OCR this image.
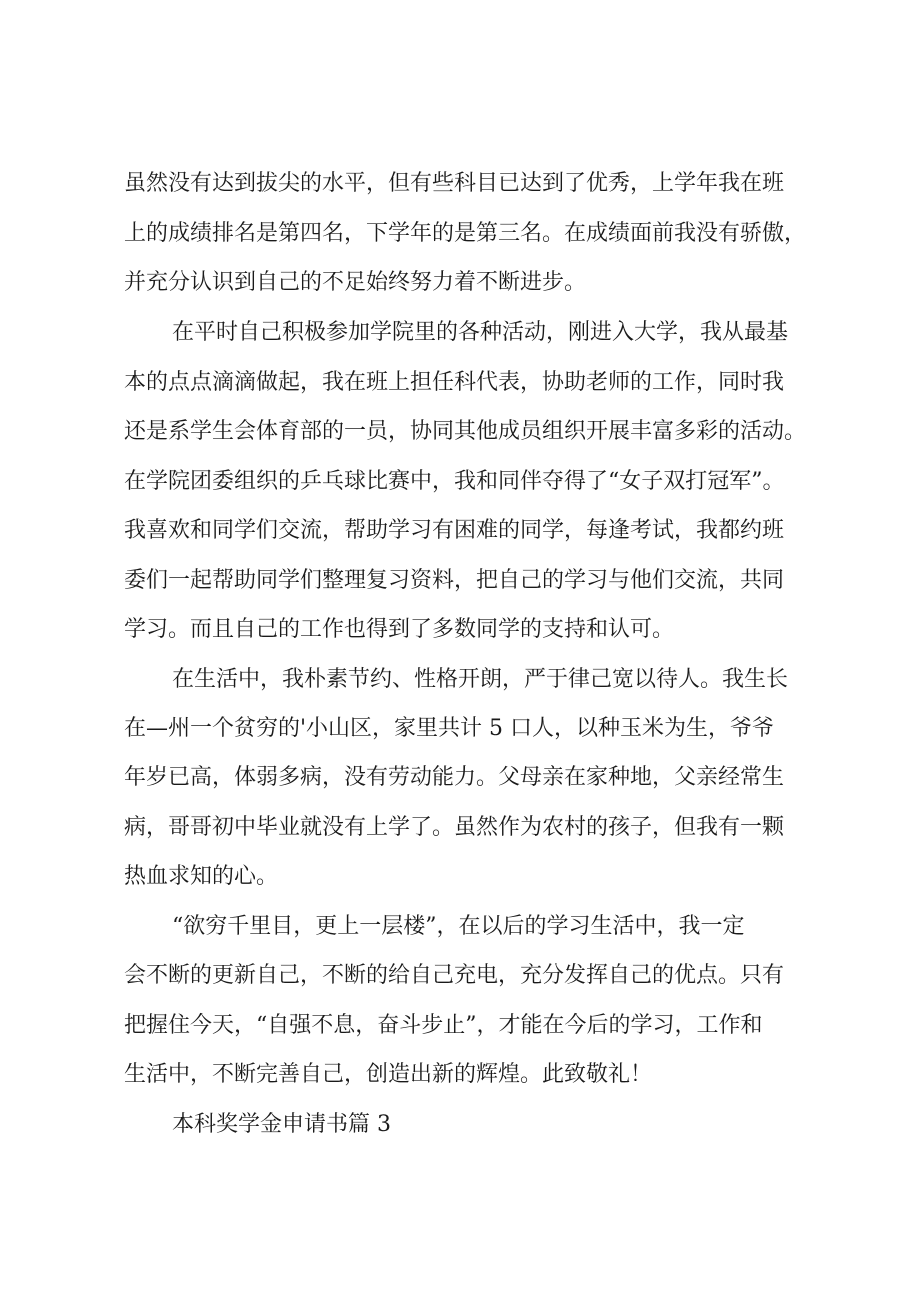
虽然没有达到拔尖的水平，但有些科目已达到了优秀，上学年我在班

上的成绩排名是第四名，下学年的是第三名。在成绩面前我没有骄傲，

并充分认识到自己的不足始终努力着不断进步。

在平时自己积极参加学院里的各种活动，刚进入大学，我从最基

本的点点滴滴做起，我在班上担任科代表，协助老师的工作，同时我

还是系学生会体育部的一员，协同其他成员组织开展丰富多彩的活动。

在学院团委组织的乒乓球比赛中，我和同伴夺得了“女子双打冠军”。

我喜欢和同学们交流，帮助学习有困难的同学，每逢考试，我都约班

委们一起帮助同学们整理复习资料，把自己的学习与他们交流，共同

学习。而且自己的工作也得到了多数同学的支持和认可。

在生活中，我朴素节约、性格开朗，严于律己宽以待人。我生长

在—州一个贫穷的'小山区，家里共计 5 口人，以种玉米为生，爷爷

年岁已高，体弱多病，没有劳动能力。父母亲在家种地，父亲经常生

病，哥哥初中毕业就没有上学了。虽然作为农村的孩子，但我有一颗

热血求知的心。

“欲穷千里目，更上一层楼”，在以后的学习生活中，我一定

会不断的更新自己，不断的给自己充电，充分发挥自己的优点。只有

把握住今天，“自强不息，奋斗步止”，才能在今后的学习，工作和

生活中，不断完善自己，创造出新的辉煌。此致敬礼！

本科奖学金申请书篇 3
